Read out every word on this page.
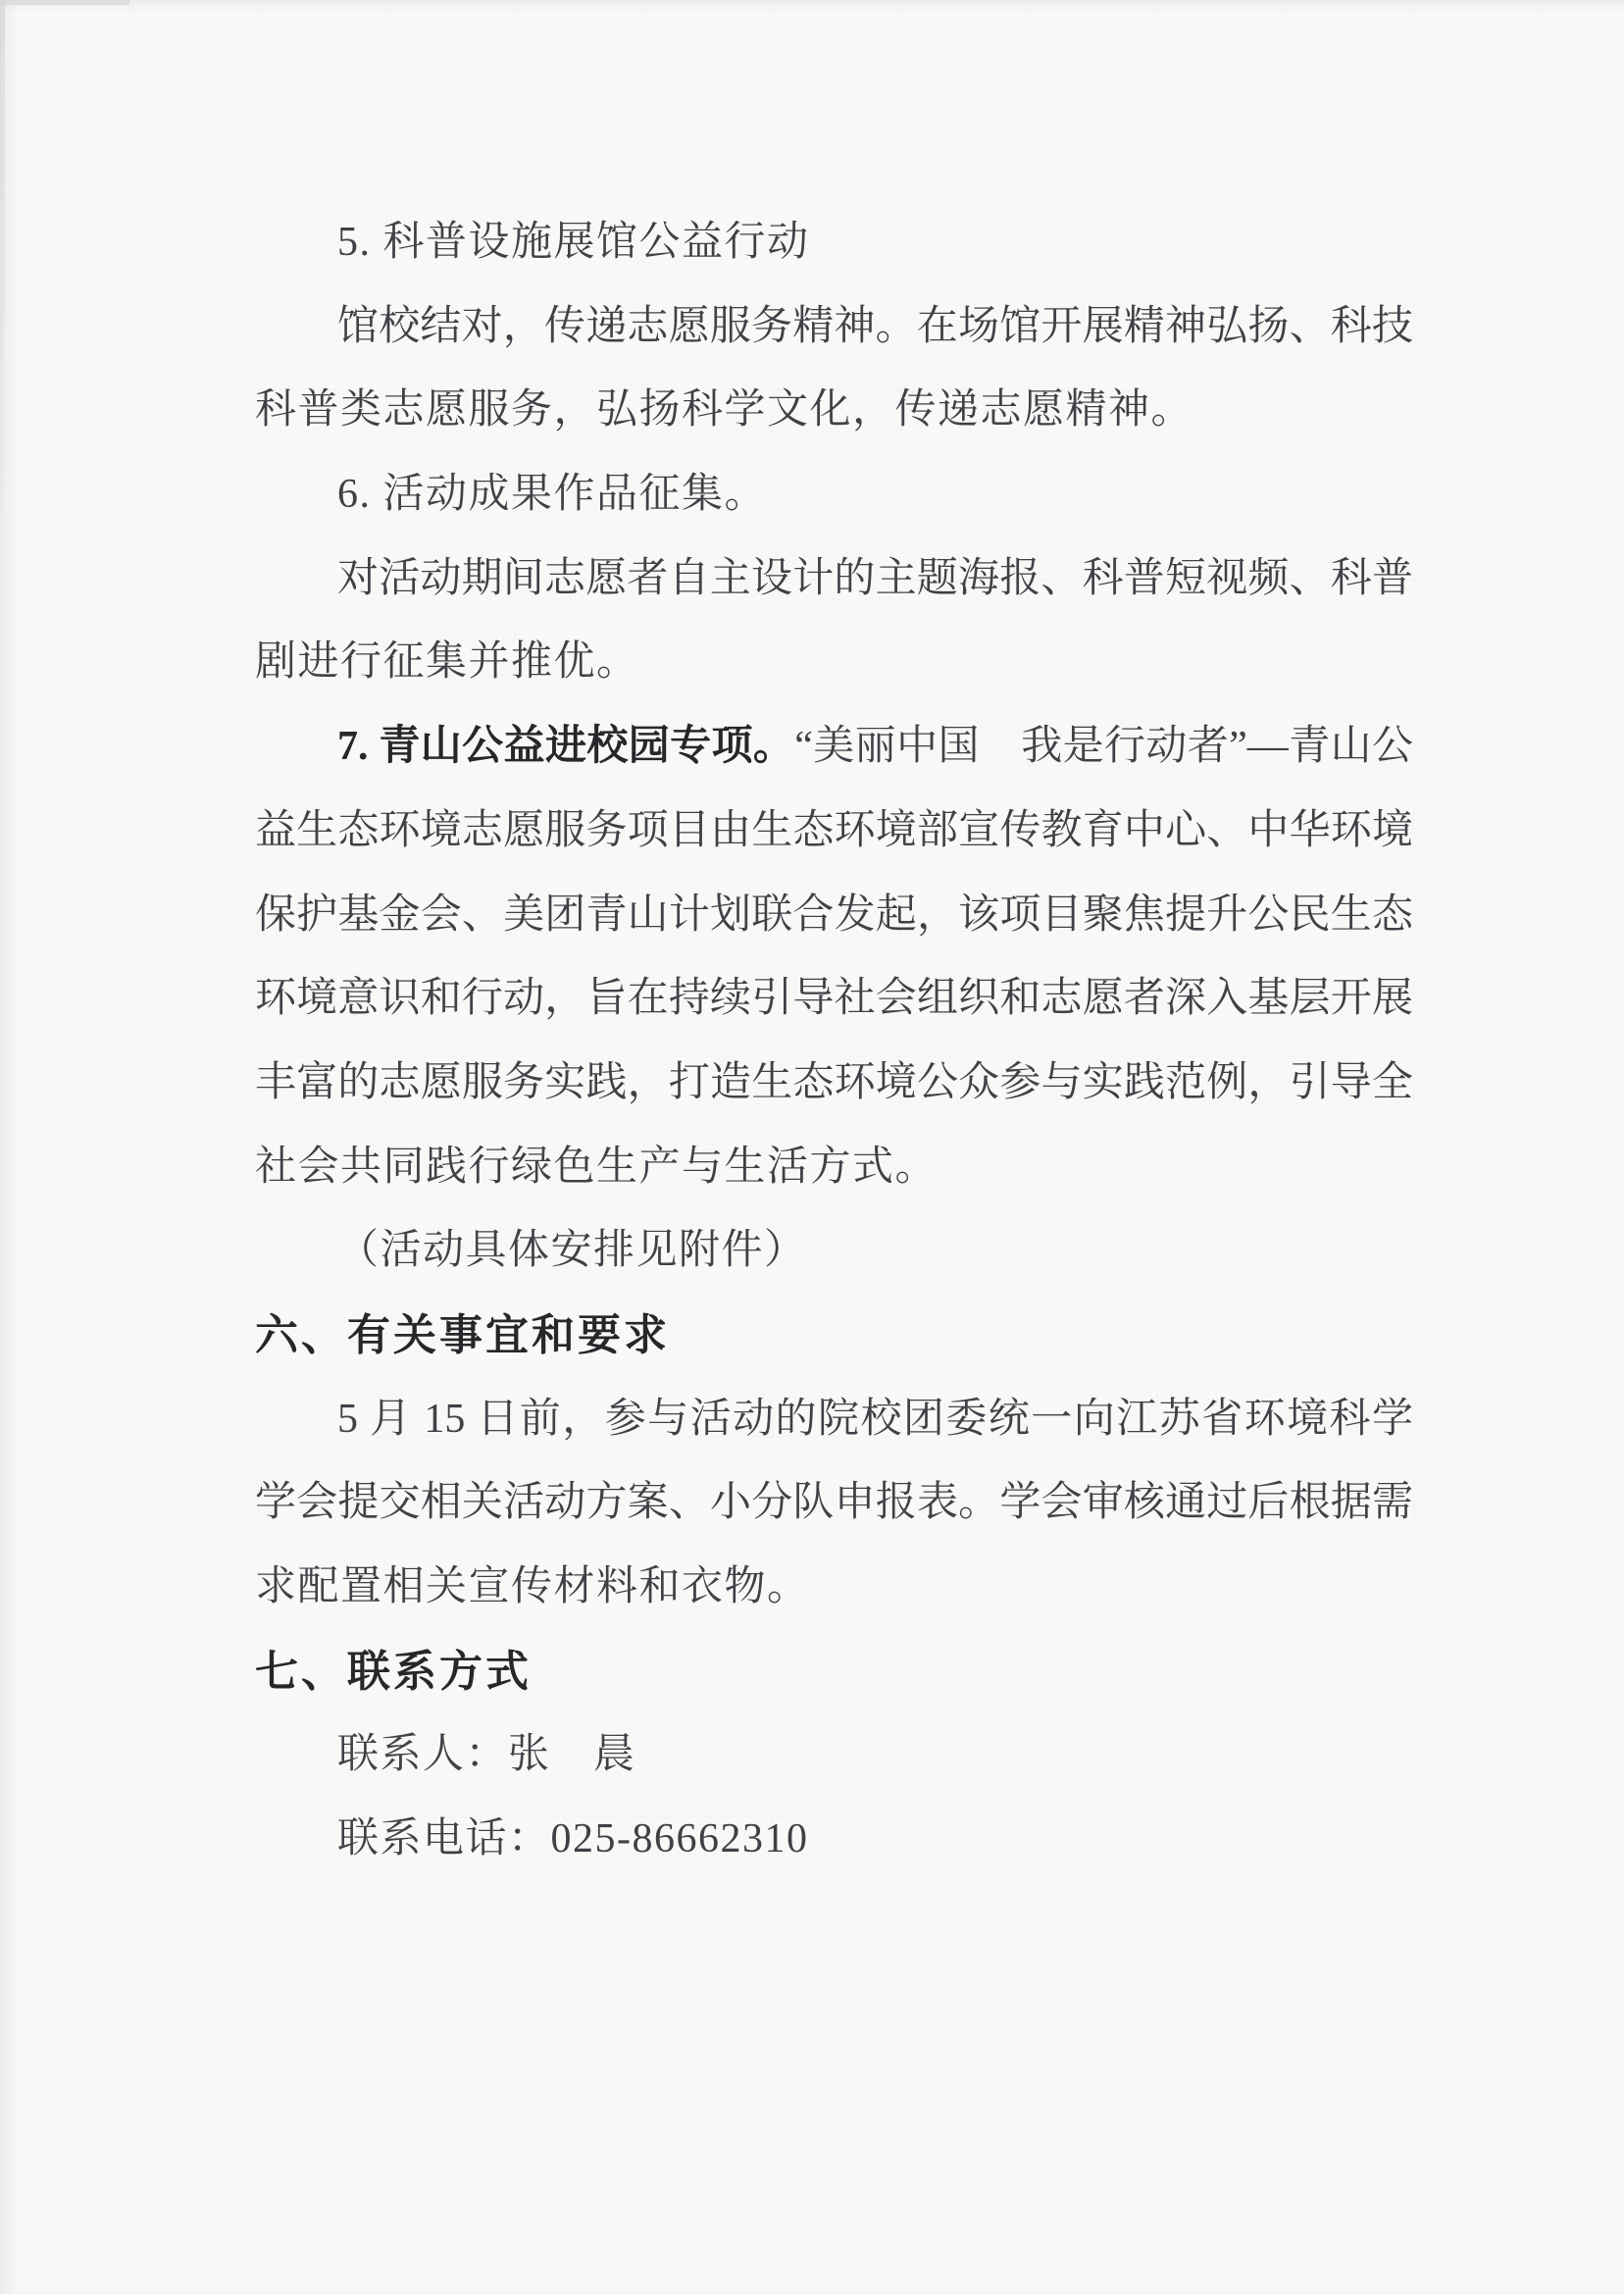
5. 科普设施展馆公益行动
馆校结对，传递志愿服务精神。在场馆开展精神弘扬、科技
科普类志愿服务，弘扬科学文化，传递志愿精神。
6. 活动成果作品征集。
对活动期间志愿者自主设计的主题海报、科普短视频、科普
剧进行征集并推优。
7. 青山公益进校园专项。“美丽中国　我是行动者”—青山公
益生态环境志愿服务项目由生态环境部宣传教育中心、中华环境
保护基金会、美团青山计划联合发起，该项目聚焦提升公民生态
环境意识和行动，旨在持续引导社会组织和志愿者深入基层开展
丰富的志愿服务实践，打造生态环境公众参与实践范例，引导全
社会共同践行绿色生产与生活方式。
（活动具体安排见附件）
六、有关事宜和要求
5 月 15 日前，参与活动的院校团委统一向江苏省环境科学
学会提交相关活动方案、小分队申报表。学会审核通过后根据需
求配置相关宣传材料和衣物。
七、联系方式
联系人：张　晨
联系电话：025-86662310
